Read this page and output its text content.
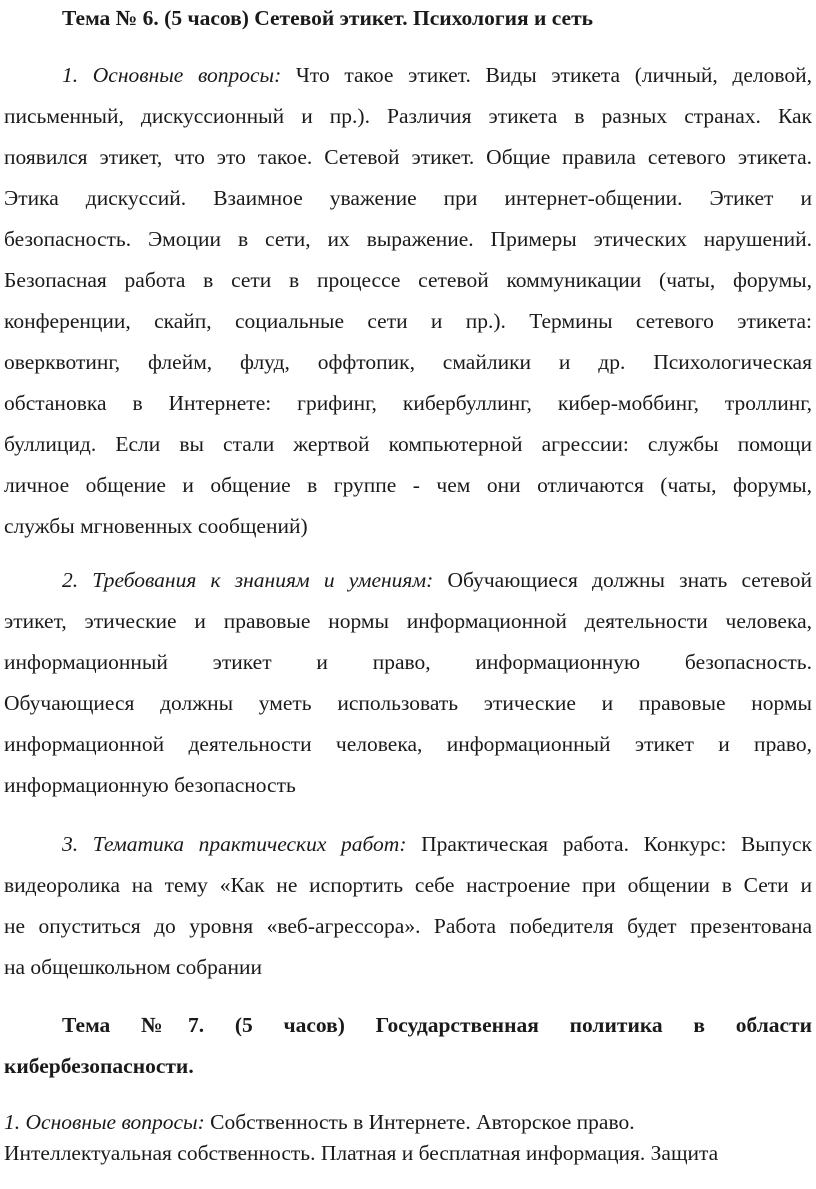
Тема № 6. (5 часов) Сетевой этикет. Психология и сеть
1. Основные вопросы: Что такое этикет. Виды этикета (личный, деловой,
письменный, дискуссионный и пр.). Различия этикета в разных странах. Как
появился этикет, что это такое. Сетевой этикет. Общие правила сетевого этикета.
Этика дискуссий. Взаимное уважение при интернет-общении. Этикет и
безопасность. Эмоции в сети, их выражение. Примеры этических нарушений.
Безопасная работа в сети в процессе сетевой коммуникации (чаты, форумы,
конференции, скайп, социальные сети и пр.). Термины сетевого этикета:
оверквотинг, флейм, флуд, оффтопик, смайлики и др. Психологическая
обстановка в Интернете: грифинг, кибербуллинг, кибер-моббинг, троллинг,
буллицид. Если вы стали жертвой компьютерной агрессии: службы помощи
личное общение и общение в группе - чем они отличаются (чаты, форумы,
службы мгновенных сообщений)
2. Требования к знаниям и умениям: Обучающиеся должны знать сетевой
этикет, этические и правовые нормы информационной деятельности человека,
информационный этикет и право, информационную безопасность.
Обучающиеся должны уметь использовать этические и правовые нормы
информационной деятельности человека, информационный этикет и право,
информационную безопасность
3. Тематика практических работ: Практическая работа. Конкурс: Выпуск
видеоролика на тему «Как не испортить себе настроение при общении в Сети и
не опуститься до уровня «веб-агрессора». Работа победителя будет презентована
на общешкольном собрании
Тема №7. (5 часов) Государственная политика в области
кибербезопасности.
1. Основные вопросы: Собственность в Интернете. Авторское право.
Интеллектуальная собственность. Платная и бесплатная информация. Защита
